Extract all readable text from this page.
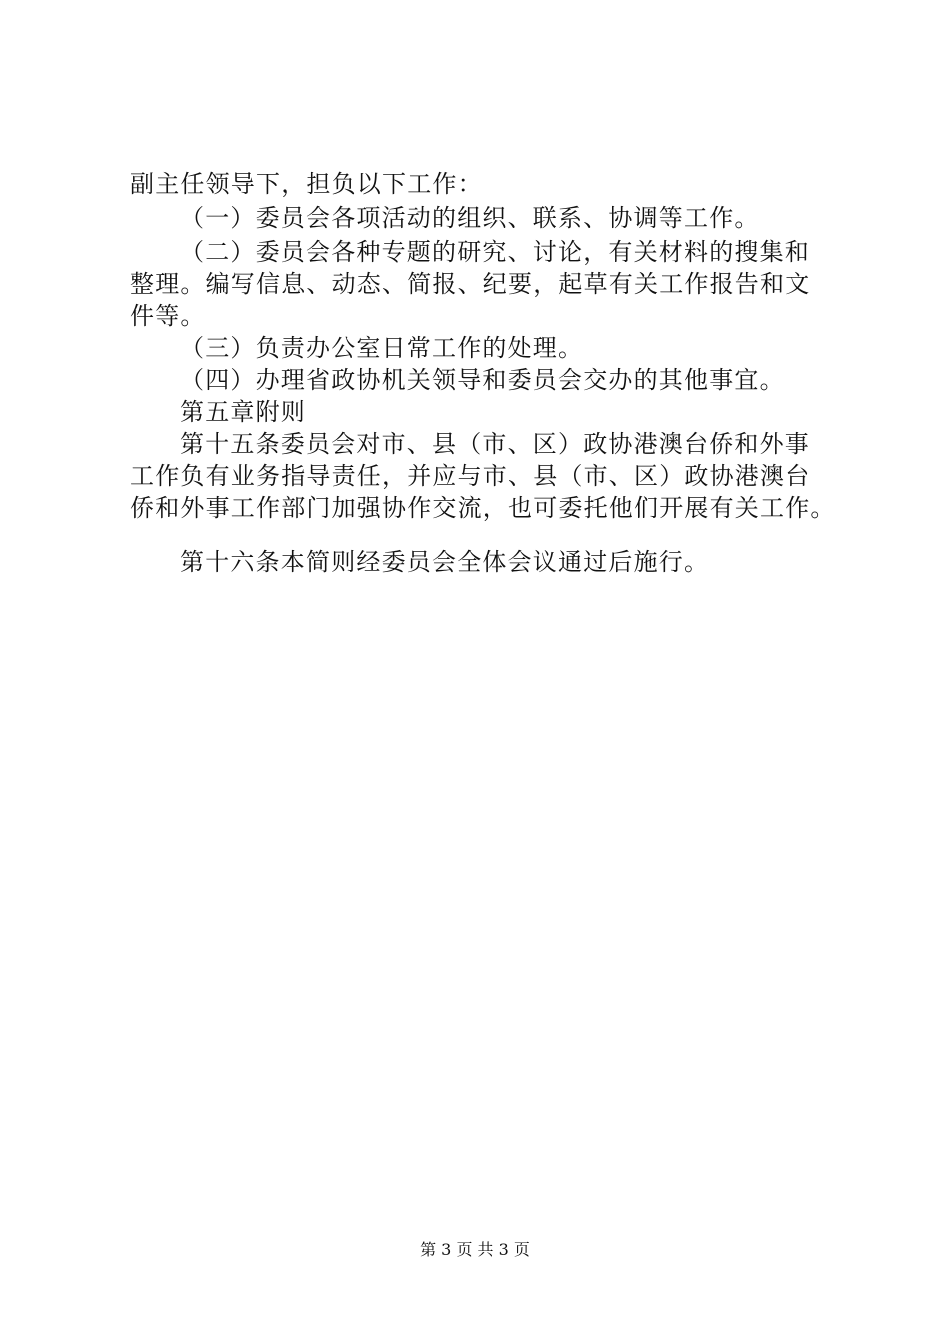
副主任领导下，担负以下工作：
（一）委员会各项活动的组织、联系、协调等工作。
（二）委员会各种专题的研究、讨论，有关材料的搜集和
整理。编写信息、动态、简报、纪要，起草有关工作报告和文
件等。
（三）负责办公室日常工作的处理。
（四）办理省政协机关领导和委员会交办的其他事宜。
第五章附则
第十五条委员会对市、县（市、区）政协港澳台侨和外事
工作负有业务指导责任，并应与市、县（市、区）政协港澳台
侨和外事工作部门加强协作交流，也可委托他们开展有关工作。
第十六条本简则经委员会全体会议通过后施行。
第 3 页 共 3 页
